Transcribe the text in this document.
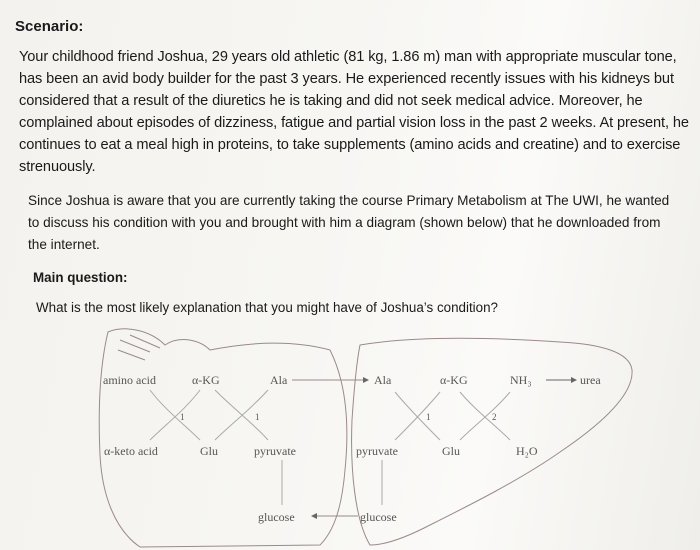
Scenario:

Your childhood friend Joshua, 29 years old athletic (81 kg, 1.86 m) man with appropriate muscular tone, has been an avid body builder for the past 3 years. He experienced recently issues with his kidneys but considered that a result of the diuretics he is taking and did not seek medical advice. Moreover, he complained about episodes of dizziness, fatigue and partial vision loss in the past 2 weeks. At present, he continues to eat a meal high in proteins, to take supplements (amino acids and creatine) and to exercise strenuously.

Since Joshua is aware that you are currently taking the course Primary Metabolism at The UWI, he wanted to discuss his condition with you and brought with him a diagram (shown below) that he downloaded from the internet.

Main question:

What is the most likely explanation that you might have of Joshua’s condition?

amino acid	α-KG	Ala
1	1
α-keto acid	Glu	pyruvate
glucose
Ala	α-KG	NH₃	urea
1	2
pyruvate	Glu	H₂O
glucose
